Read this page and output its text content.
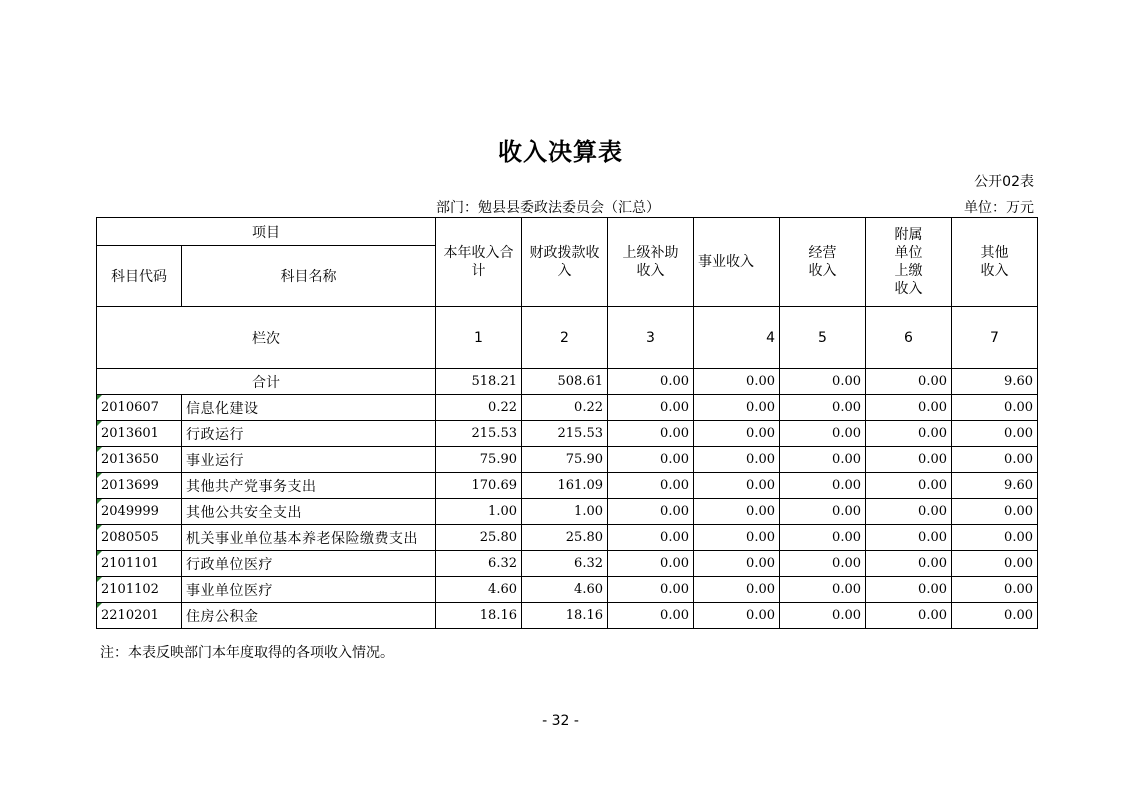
收入决算表
公开02表
部门：勉县县委政法委员会（汇总）	单位：万元
项目		本年收入合计	财政拨款收入	上级补助收入	事业收入	经营收入	附属单位上缴收入	其他收入
科目代码	科目名称							
栏次		1	2	3	4	5	6	7
合计		518.21	508.61	0.00	0.00	0.00	0.00	9.60
2010607	信息化建设	0.22	0.22	0.00	0.00	0.00	0.00	0.00
2013601	行政运行	215.53	215.53	0.00	0.00	0.00	0.00	0.00
2013650	事业运行	75.90	75.90	0.00	0.00	0.00	0.00	0.00
2013699	其他共产党事务支出	170.69	161.09	0.00	0.00	0.00	0.00	9.60
2049999	其他公共安全支出	1.00	1.00	0.00	0.00	0.00	0.00	0.00
2080505	机关事业单位基本养老保险缴费支出	25.80	25.80	0.00	0.00	0.00	0.00	0.00
2101101	行政单位医疗	6.32	6.32	0.00	0.00	0.00	0.00	0.00
2101102	事业单位医疗	4.60	4.60	0.00	0.00	0.00	0.00	0.00
2210201	住房公积金	18.16	18.16	0.00	0.00	0.00	0.00	0.00
注：本表反映部门本年度取得的各项收入情况。
- 32 -
